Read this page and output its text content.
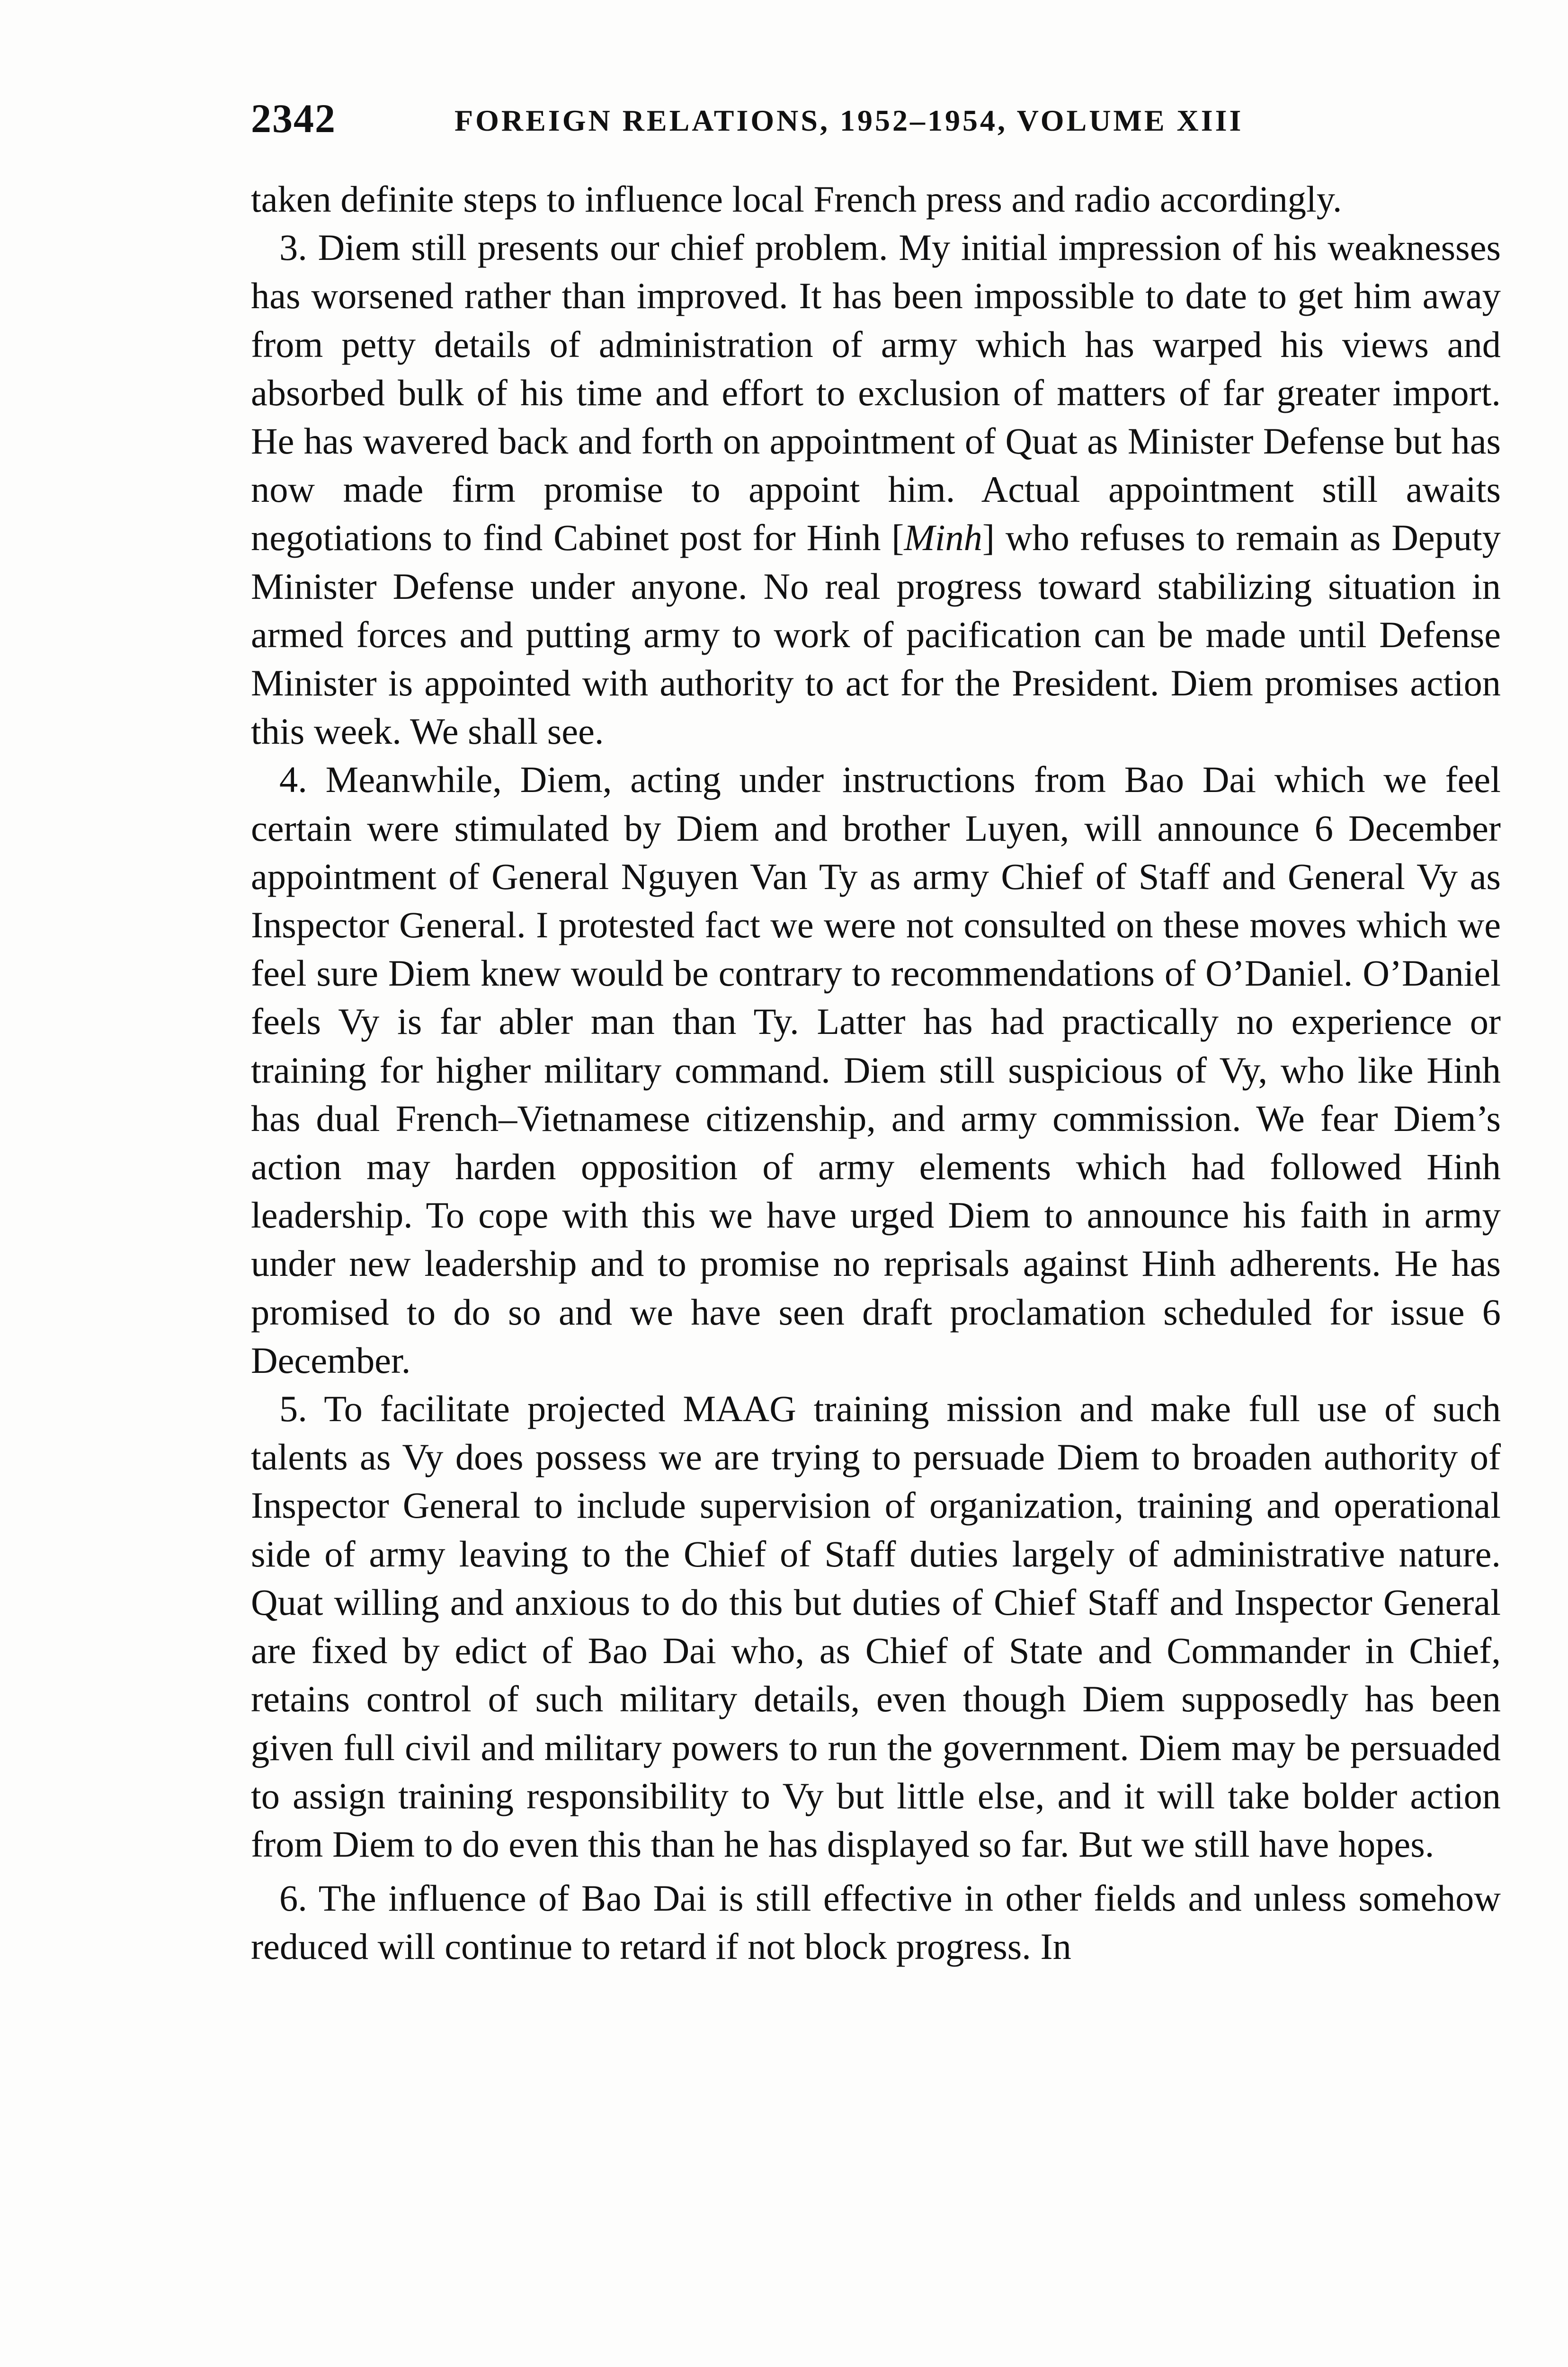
2342	FOREIGN RELATIONS, 1952–1954, VOLUME XIII

taken definite steps to influence local French press and radio accordingly.

3. Diem still presents our chief problem. My initial impression of his weaknesses has worsened rather than improved. It has been impossible to date to get him away from petty details of administration of army which has warped his views and absorbed bulk of his time and effort to exclusion of matters of far greater import. He has wavered back and forth on appointment of Quat as Minister Defense but has now made firm promise to appoint him. Actual appointment still awaits negotiations to find Cabinet post for Hinh [Minh] who refuses to remain as Deputy Minister Defense under anyone. No real progress toward stabilizing situation in armed forces and putting army to work of pacification can be made until Defense Minister is appointed with authority to act for the President. Diem promises action this week. We shall see.

4. Meanwhile, Diem, acting under instructions from Bao Dai which we feel certain were stimulated by Diem and brother Luyen, will announce 6 December appointment of General Nguyen Van Ty as army Chief of Staff and General Vy as Inspector General. I protested fact we were not consulted on these moves which we feel sure Diem knew would be contrary to recommendations of O’Daniel. O’Daniel feels Vy is far abler man than Ty. Latter has had practically no experience or training for higher military command. Diem still suspicious of Vy, who like Hinh has dual French–Vietnamese citizenship, and army commission. We fear Diem’s action may harden opposition of army elements which had followed Hinh leadership. To cope with this we have urged Diem to announce his faith in army under new leadership and to promise no reprisals against Hinh adherents. He has promised to do so and we have seen draft proclamation scheduled for issue 6 December.

5. To facilitate projected MAAG training mission and make full use of such talents as Vy does possess we are trying to persuade Diem to broaden authority of Inspector General to include supervision of organization, training and operational side of army leaving to the Chief of Staff duties largely of administrative nature. Quat willing and anxious to do this but duties of Chief Staff and Inspector General are fixed by edict of Bao Dai who, as Chief of State and Commander in Chief, retains control of such military details, even though Diem supposedly has been given full civil and military powers to run the government. Diem may be persuaded to assign training responsibility to Vy but little else, and it will take bolder action from Diem to do even this than he has displayed so far. But we still have hopes.

6. The influence of Bao Dai is still effective in other fields and unless somehow reduced will continue to retard if not block progress. In
